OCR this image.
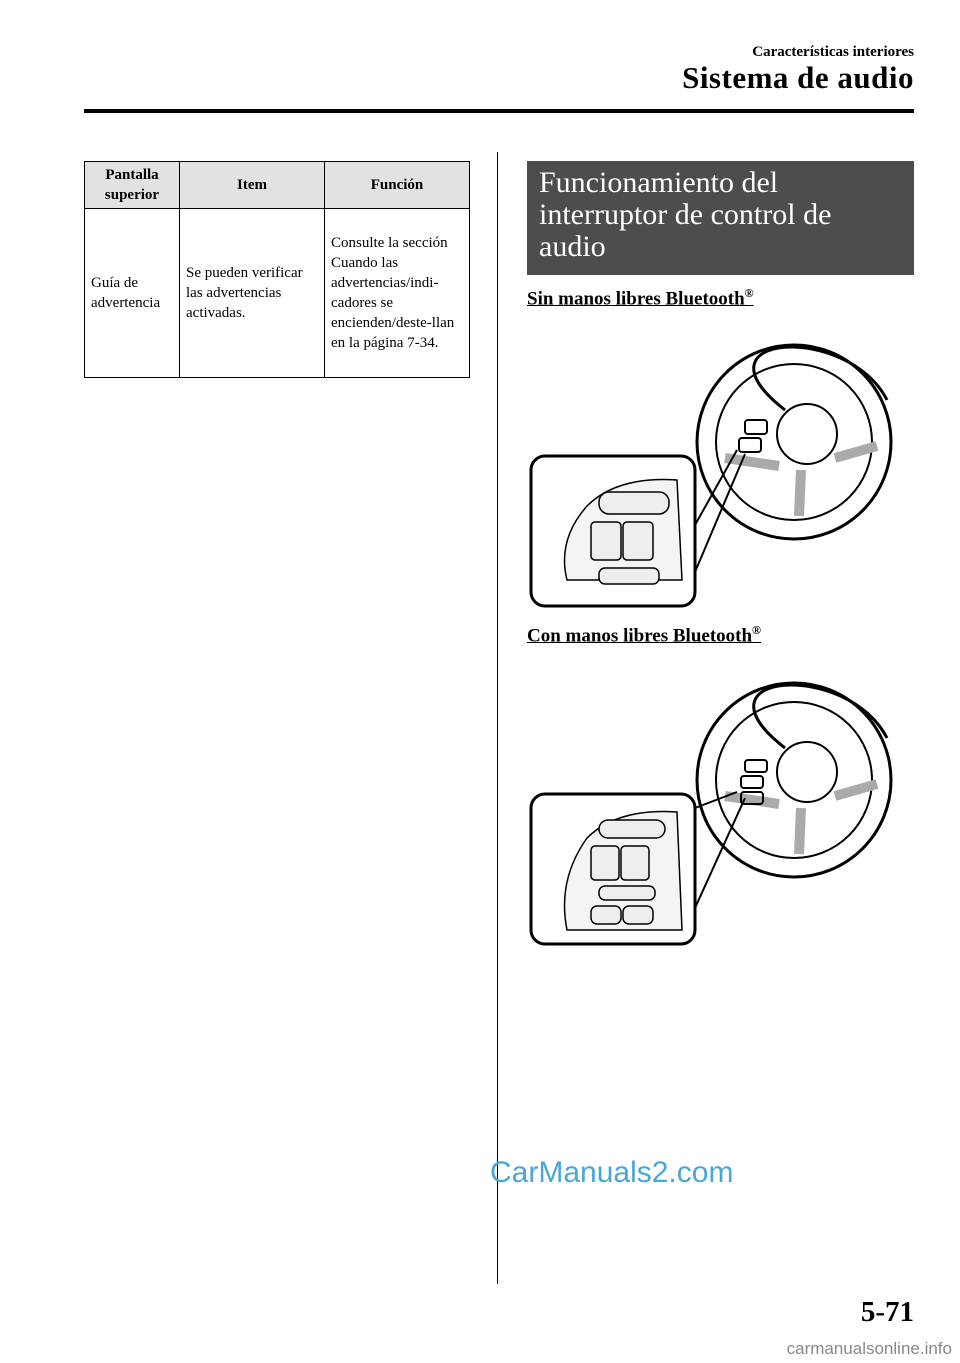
Características interiores
Sistema de audio
Pantalla superior	Item	Función
Guía de advertencia	Se pueden verificar las advertencias activadas.	Consulte la sección Cuando las advertencias/indi-cadores se encienden/deste-llan en la página 7-34.
Funcionamiento del interruptor de control de audio
Sin manos libres Bluetooth®
Con manos libres Bluetooth®
CarManuals2.com
5-71
carmanualsonline.info
